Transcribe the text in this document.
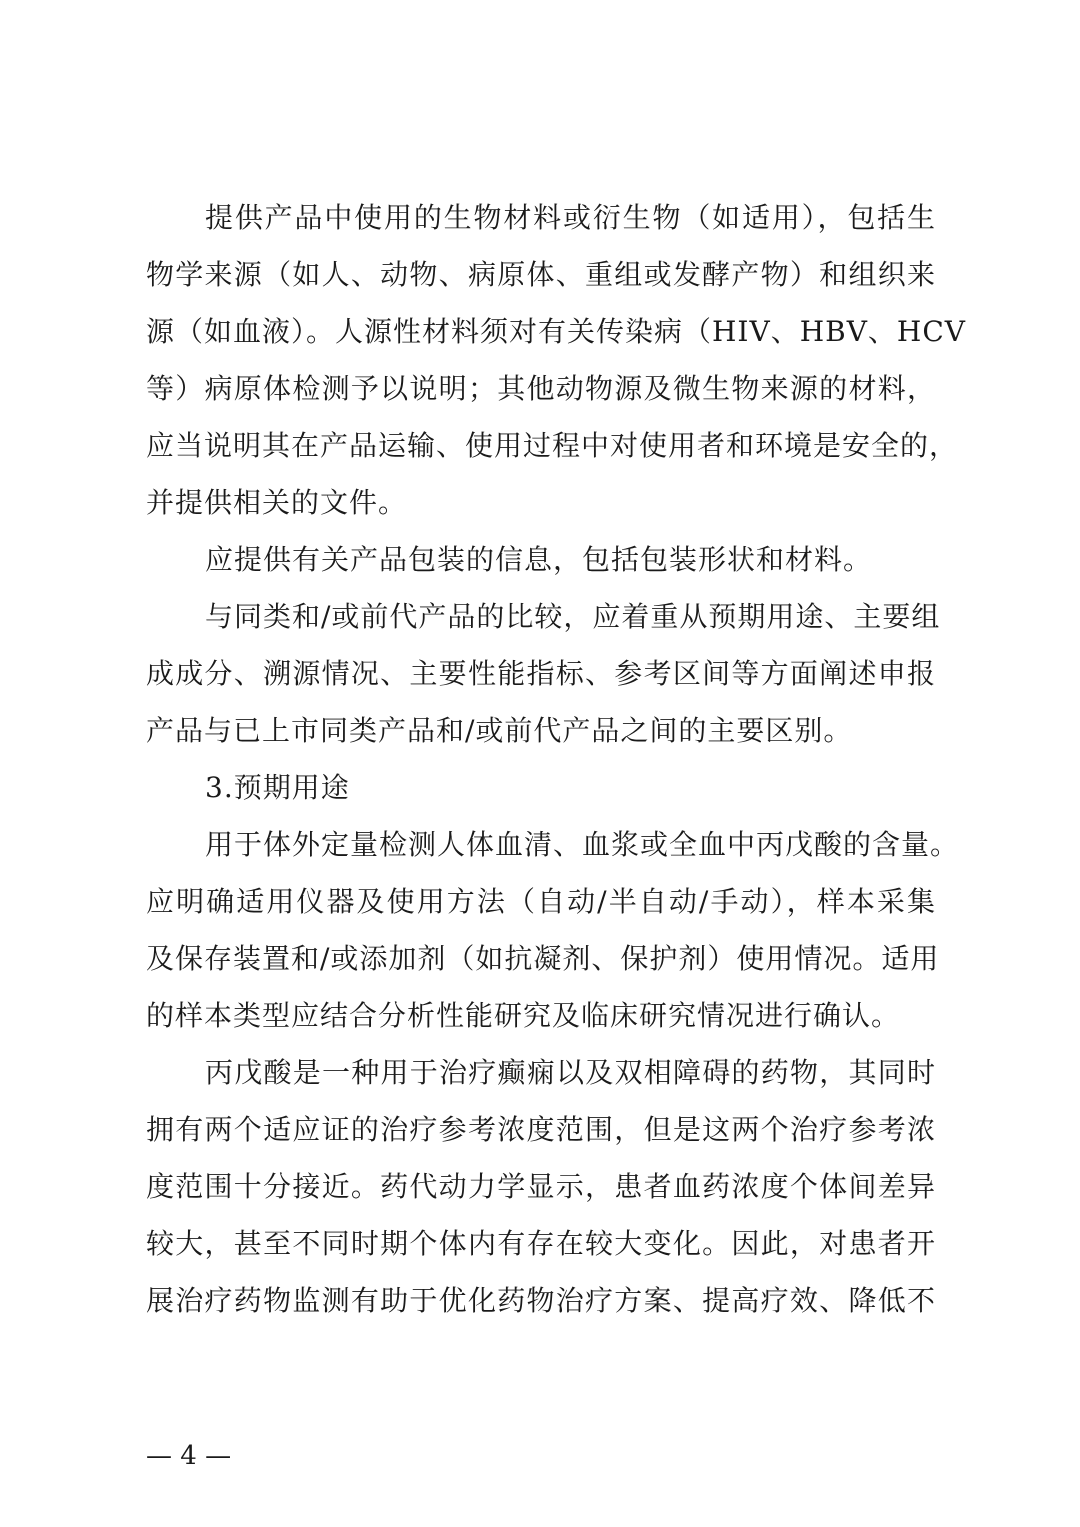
提供产品中使用的生物材料或衍生物（如适用），包括生
物学来源（如人、动物、病原体、重组或发酵产物）和组织来
源（如血液）。人源性材料须对有关传染病（HIV、HBV、HCV
等）病原体检测予以说明；其他动物源及微生物来源的材料，
应当说明其在产品运输、使用过程中对使用者和环境是安全的，
并提供相关的文件。
应提供有关产品包装的信息，包括包装形状和材料。
与同类和/或前代产品的比较，应着重从预期用途、主要组
成成分、溯源情况、主要性能指标、参考区间等方面阐述申报
产品与已上市同类产品和/或前代产品之间的主要区别。
3.预期用途
用于体外定量检测人体血清、血浆或全血中丙戊酸的含量。
应明确适用仪器及使用方法（自动/半自动/手动），样本采集
及保存装置和/或添加剂（如抗凝剂、保护剂）使用情况。适用
的样本类型应结合分析性能研究及临床研究情况进行确认。
丙戊酸是一种用于治疗癫痫以及双相障碍的药物，其同时
拥有两个适应证的治疗参考浓度范围，但是这两个治疗参考浓
度范围十分接近。药代动力学显示，患者血药浓度个体间差异
较大，甚至不同时期个体内有存在较大变化。因此，对患者开
展治疗药物监测有助于优化药物治疗方案、提高疗效、降低不
— 4 —
